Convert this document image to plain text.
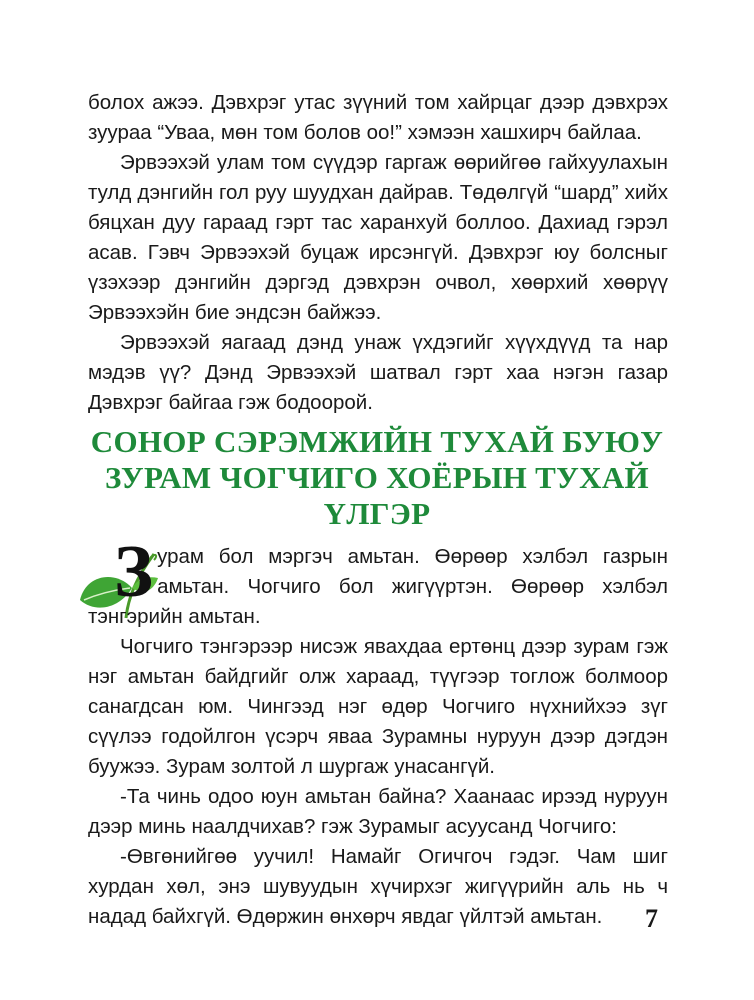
болох ажээ. Дэвхрэг утас зүүний том хайрцаг дээр дэвхрэх зуураа “Уваа, мөн том болов оо!” хэмээн хашхирч байлаа.

Эрвээхэй улам том сүүдэр гаргаж өөрийгөө гайхуулахын тулд дэнгийн гол руу шуудхан дайрав. Төдөлгүй “шард” хийх бяцхан дуу гараад гэрт тас харанхуй боллоо. Дахиад гэрэл асав. Гэвч Эрвээхэй буцаж ирсэнгүй. Дэвхрэг юу болсныг үзэхээр дэнгийн дэргэд дэвхрэн очвол, хөөрхий хөөрүү Эрвээхэйн бие эндсэн байжээ.

Эрвээхэй яагаад дэнд унаж үхдэгийг хүүхдүүд та нар мэдэв үү? Дэнд Эрвээхэй шатвал гэрт хаа нэгэн газар Дэвхрэг байгаа гэж бодоорой.

СОНОР СЭРЭМЖИЙН ТУХАЙ БУЮУ
ЗУРАМ ЧОГЧИГО ХОЁРЫН ТУХАЙ
ҮЛГЭР

Зурам бол мэргэч амьтан. Өөрөөр хэлбэл газрын амьтан. Чогчиго бол жигүүртэн. Өөрөөр хэлбэл тэнгэрийн амьтан.

Чогчиго тэнгэрээр нисэж явахдаа ертөнц дээр зурам гэж нэг амьтан байдгийг олж хараад, түүгээр тоглож болмоор санагдсан юм. Чингээд нэг өдөр Чогчиго нүхнийхээ зүг сүүлээ годойлгон үсэрч яваа Зурамны нуруун дээр дэгдэн буужээ. Зурам золтой л шургаж унасангүй.

-Та чинь одоо юун амьтан байна? Хаанаас ирээд нуруун дээр минь наалдчихав? гэж Зурамыг асуусанд Чогчиго:

-Өвгөнийгөө уучил! Намайг Огичгоч гэдэг. Чам шиг хурдан хөл, энэ шувуудын хүчирхэг жигүүрийн аль нь ч надад байхгүй. Өдөржин өнхөрч явдаг үйлтэй амьтан.	7
